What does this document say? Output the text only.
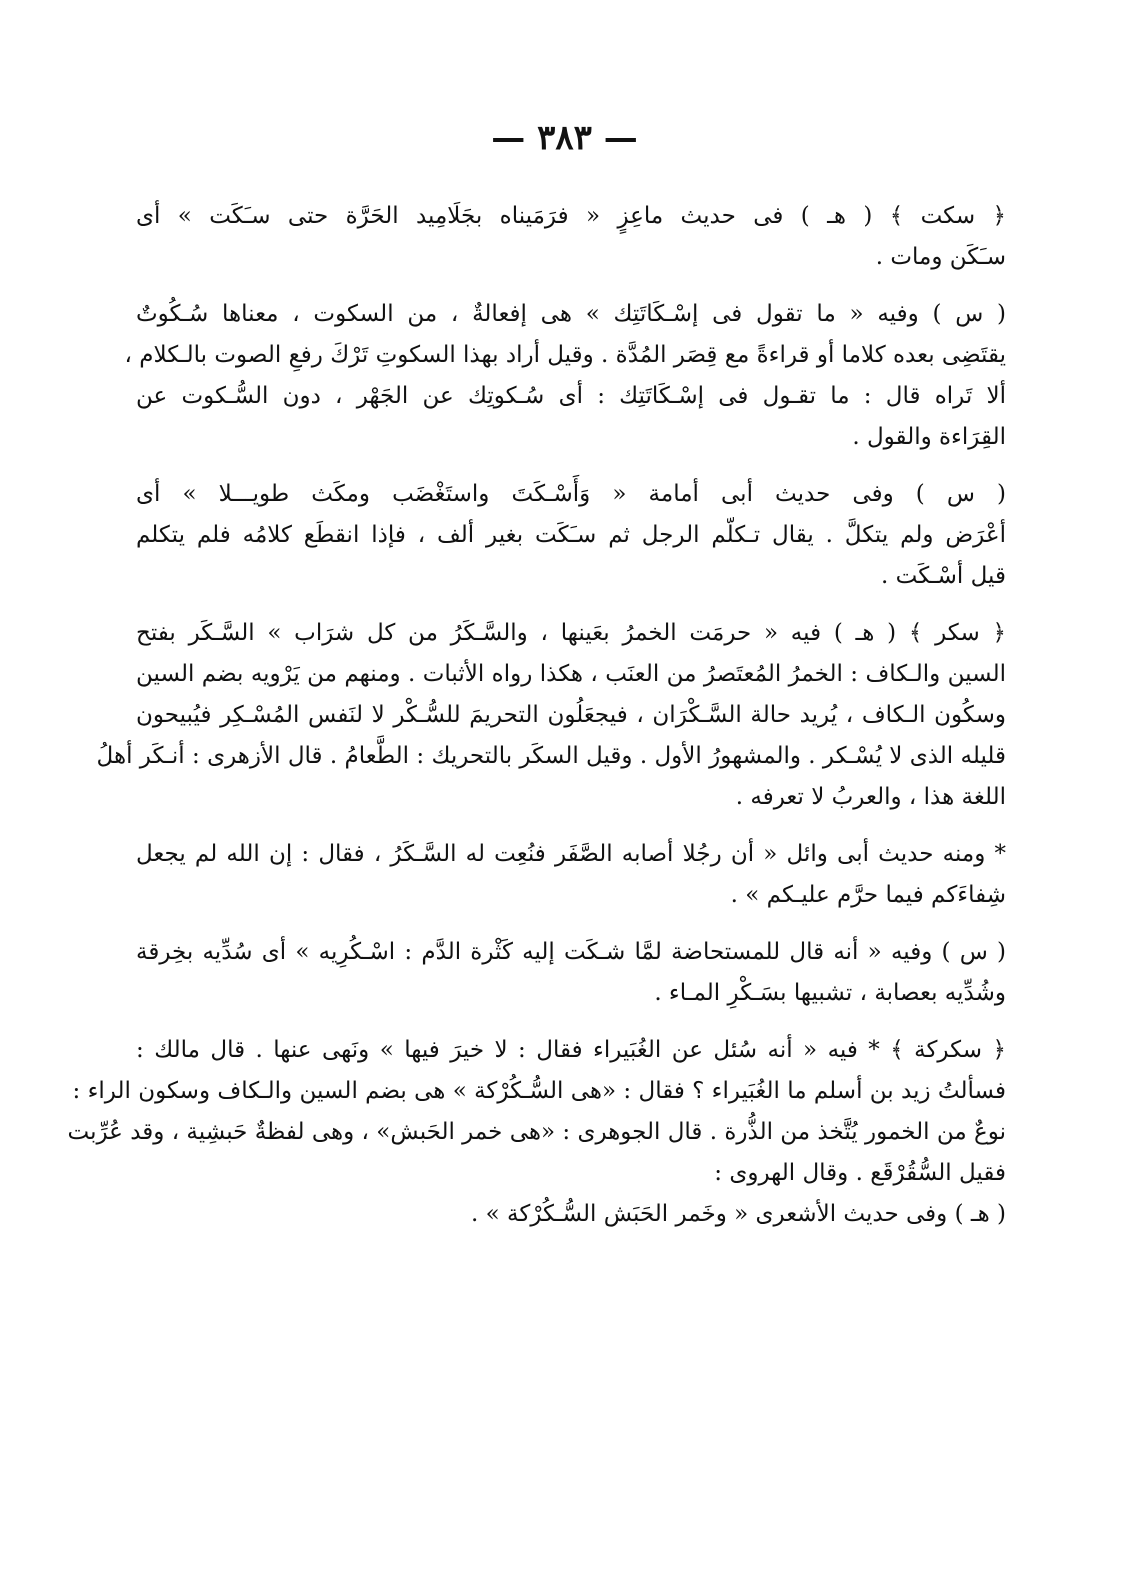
— ٣٨٣ —
﴿ سكت ﴾ ( هـ ) فى حديث ماعِزٍ « فرَمَيناه بجَلَامِيد الحَرَّة حتى سـَكَت » أى
سـَكَن ومات .
( س ) وفيه « ما تقول فى إسْـكَاتَتِك » هى إفعالةٌ ، من السكوت ، معناها سُـكُوتٌ
يقتَضِى بعده كلاما أو قراءةً مع قِصَر المُدَّة . وقيل أراد بهذا السكوتِ تَرْكَ رفعِ الصوت بالـكلام ،
ألا تَراه قال : ما تقـول فى إسْـكَاتَتِك : أى سُـكوتِك عن الجَهْر ، دون السُّـكوت عن
القِرَاءة والقول .
( س ) وفى حديث أبى أمامة « وَأَسْـكَتَ واستَغْضَب ومكَث طويـــلا » أى
أعْرَض ولم يتكلَّ . يقال تـكلّم الرجل ثم سـَكَت بغير ألف ، فإذا انقطَع كلامُه فلم يتكلم
قيل أسْـكَت .
﴿ سكر ﴾ ( هـ ) فيه « حرمَت الخمرُ بعَينها ، والسَّـكَرُ من كل شرَاب » السَّـكَر بفتح
السين والـكاف : الخمرُ المُعتَصرُ من العنَب ، هكذا رواه الأثبات . ومنهم من يَرْويه بضم السين
وسكُون الـكاف ، يُريد حالة السَّـكْرَان ، فيجعَلُون التحريمَ للسُّـكْر لا لنَفس المُسْـكِر فيُبيحون
قليله الذى لا يُسْـكر . والمشهورُ الأول . وقيل السكَر بالتحريك : الطَّعامُ . قال الأزهرى : أنـكَر أهلُ
اللغة هذا ، والعربُ لا تعرفه .
* ومنه حديث أبى وائل « أن رجُلا أصابه الصَّفَر فنُعِت له السَّـكَرُ ، فقال : إن الله لم يجعل
شِفاءَكم فيما حرَّم عليـكم » .
( س ) وفيه « أنه قال للمستحاضة لمَّا شـكَت إليه كَثْرة الدَّم : اسْـكُرِيه » أى سُدِّيه بخِرقة
وشُدِّيه بعصابة ، تشبيها بسَـكْرِ المـاء .
﴿ سكركة ﴾ * فيه « أنه سُئل عن الغُبَيراء فقال : لا خيرَ فيها » ونَهى عنها . قال مالك :
فسألتُ زيد بن أسلم ما الغُبَيراء ؟ فقال : «هى السُّـكُرْكة » هى بضم السين والـكاف وسكون الراء :
نوعٌ من الخمور يُتَّخذ من الذُّرة . قال الجوهرى : «هى خمر الحَبش» ، وهى لفظةٌ حَبشِية ، وقد عُرِّبت
فقيل السُّقُرْقَع . وقال الهروى :
( هـ ) وفى حديث الأشعرى « وخَمر الحَبَش السُّـكُرْكة » .
